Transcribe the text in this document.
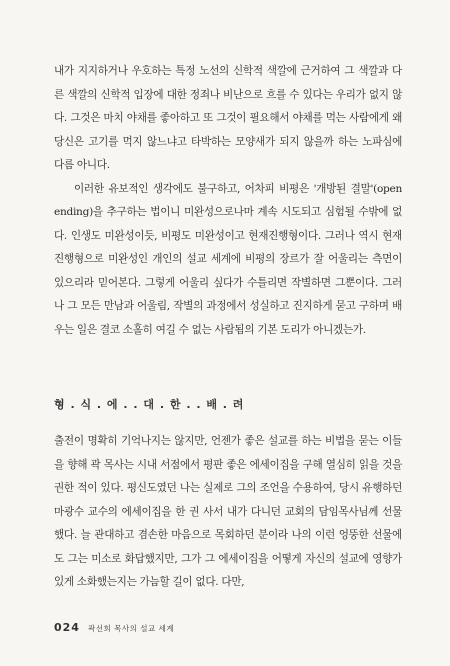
내가 지지하거나 우호하는 특정 노선의 신학적 색깔에 근거하여 그 색깔과 다른 색깔의 신학적 입장에 대한 정죄나 비난으로 흐를 수 있다는 우리가 없지 않다. 그것은 마치 야채를 좋아하고 또 그것이 필요해서 야채를 먹는 사람에게 왜 당신은 고기를 먹지 않느냐고 타박하는 모양새가 되지 않을까 하는 노파심에 다름 아니다.

이러한 유보적인 생각에도 불구하고, 어차피 비평은 '개방된 결말'(open ending)을 추구하는 법이니 미완성으로나마 계속 시도되고 심험될 수밖에 없다. 인생도 미완성이듯, 비평도 미완성이고 현재진행형이다. 그러나 역시 현재진행형으로 미완성인 개인의 설교 세계에 비평의 장르가 잘 어울리는 측면이 있으리라 믿어본다. 그렇게 어울리 싶다가 수틀리면 작별하면 그뿐이다. 그러나 그 모든 만남과 어울림, 작별의 과정에서 성실하고 진지하게 묻고 구하며 배우는 일은 결코 소홀히 여길 수 없는 사람됨의 기본 도리가 아니겠는가.

형 . 식 . 에 . . 대 . 한 . . 배 . 려

출전이 명확히 기억나지는 않지만, 언젠가 좋은 설교를 하는 비법을 묻는 이들을 향해 곽 목사는 시내 서점에서 평판 좋은 에세이집을 구해 열심히 읽을 것을 권한 적이 있다. 평신도였던 나는 실제로 그의 조언을 수용하여, 당시 유행하던 마광수 교수의 에세이집을 한 권 사서 내가 다니던 교회의 담임목사님께 선물했다. 늘 관대하고 겸손한 마음으로 목회하던 분이라 나의 이런 엉뚱한 선물에도 그는 미소로 화답했지만, 그가 그 에세이집을 어떻게 자신의 설교에 영향가 있게 소화했는지는 가늠할 길이 없다. 다만,

024 곽선희 목사의 설교 세계
